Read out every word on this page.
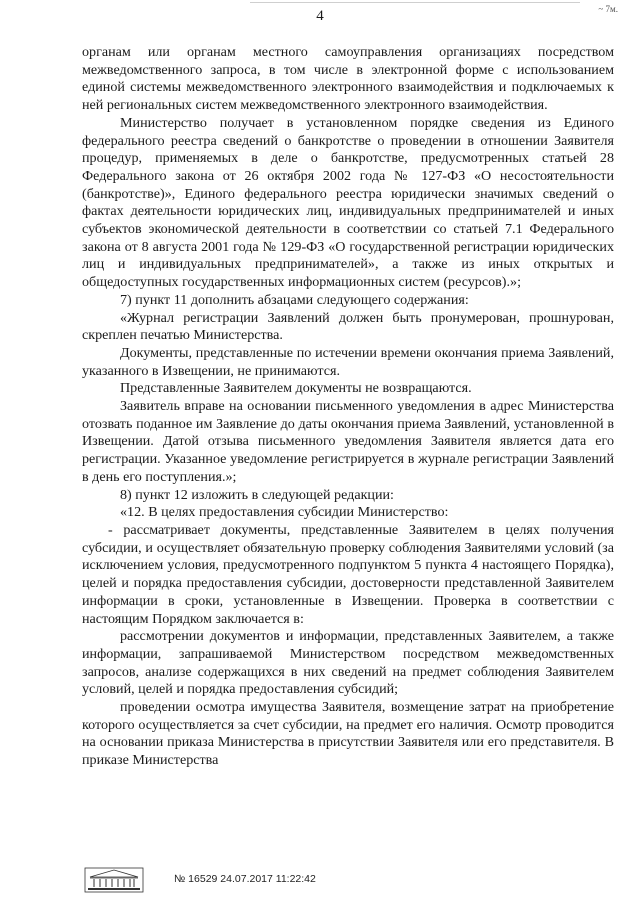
4	~ 7м.

органам или органам местного самоуправления организациях посредством межведомственного запроса, в том числе в электронной форме с использованием единой системы межведомственного электронного взаимодействия и подключаемых к ней региональных систем межведомственного электронного взаимодействия.

Министерство получает в установленном порядке сведения из Единого федерального реестра сведений о банкротстве о проведении в отношении Заявителя процедур, применяемых в деле о банкротстве, предусмотренных статьей 28 Федерального закона от 26 октября 2002 года № 127-ФЗ «О несостоятельности (банкротстве)», Единого федерального реестра юридически значимых сведений о фактах деятельности юридических лиц, индивидуальных предпринимателей и иных субъектов экономической деятельности в соответствии со статьей 7.1 Федерального закона от 8 августа 2001 года № 129-ФЗ «О государственной регистрации юридических лиц и индивидуальных предпринимателей», а также из иных открытых и общедоступных государственных информационных систем (ресурсов).»;

7) пункт 11 дополнить абзацами следующего содержания:

«Журнал регистрации Заявлений должен быть пронумерован, прошнурован, скреплен печатью Министерства.

Документы, представленные по истечении времени окончания приема Заявлений, указанного в Извещении, не принимаются.

Представленные Заявителем документы не возвращаются.

Заявитель вправе на основании письменного уведомления в адрес Министерства отозвать поданное им Заявление до даты окончания приема Заявлений, установленной в Извещении. Датой отзыва письменного уведомления Заявителя является дата его регистрации. Указанное уведомление регистрируется в журнале регистрации Заявлений в день его поступления.»;

8) пункт 12 изложить в следующей редакции:

«12. В целях предоставления субсидии Министерство:

- рассматривает документы, представленные Заявителем в целях получения субсидии, и осуществляет обязательную проверку соблюдения Заявителями условий (за исключением условия, предусмотренного подпунктом 5 пункта 4 настоящего Порядка), целей и порядка предоставления субсидии, достоверности представленной Заявителем информации в сроки, установленные в Извещении. Проверка в соответствии с настоящим Порядком заключается в:

рассмотрении документов и информации, представленных Заявителем, а также информации, запрашиваемой Министерством посредством межведомственных запросов, анализе содержащихся в них сведений на предмет соблюдения Заявителем условий, целей и порядка предоставления субсидий;

проведении осмотра имущества Заявителя, возмещение затрат на приобретение которого осуществляется за счет субсидии, на предмет его наличия. Осмотр проводится на основании приказа Министерства в присутствии Заявителя или его представителя. В приказе Министерства

№ 16529 24.07.2017 11:22:42
